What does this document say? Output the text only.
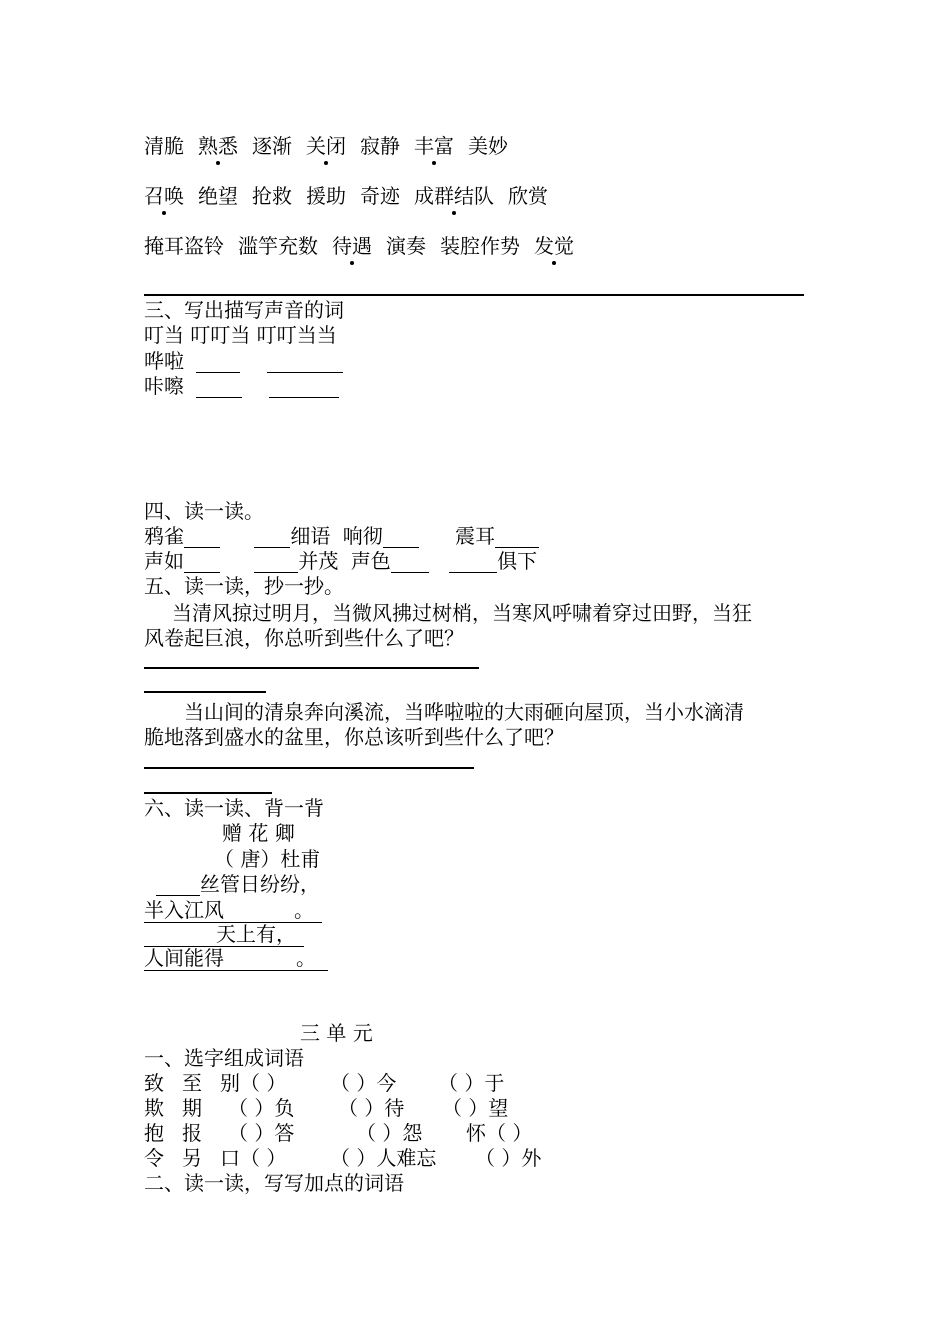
清脆 熟悉 逐渐 关闭 寂静 丰富 美妙
召唤 绝望 抢救 援助 奇迹 成群结队 欣赏
掩耳盗铃 滥竽充数 待遇 演奏 装腔作势 发觉
三、写出描写声音的词
叮当 叮叮当 叮叮当当
哗啦
咔嚓
四、读一读。
鸦雀	细语 响彻	震耳
声如	并茂 声色	俱下
五、读一读，抄一抄。
当清风掠过明月，当微风拂过树梢，当寒风呼啸着穿过田野，当狂
风卷起巨浪，你总听到些什么了吧？
当山间的清泉奔向溪流，当哗啦啦的大雨砸向屋顶，当小水滴清
脆地落到盛水的盆里，你总该听到些什么了吧？
六、读一读、背一背
赠 花 卿
（ 唐）杜甫
丝管日纷纷，
半入江风	。
天上有，
人间能得	。
三 单 元
一、选字组成词语
致 至 别（ ） （ ）今 （ ）于
欺 期 （ ）负 （ ）待 （ ）望
抱 报 （ ）答	（ ）怨 怀（ ）
令 另 口（ ） （ ）人难忘 （ ）外
二、读一读，写写加点的词语
